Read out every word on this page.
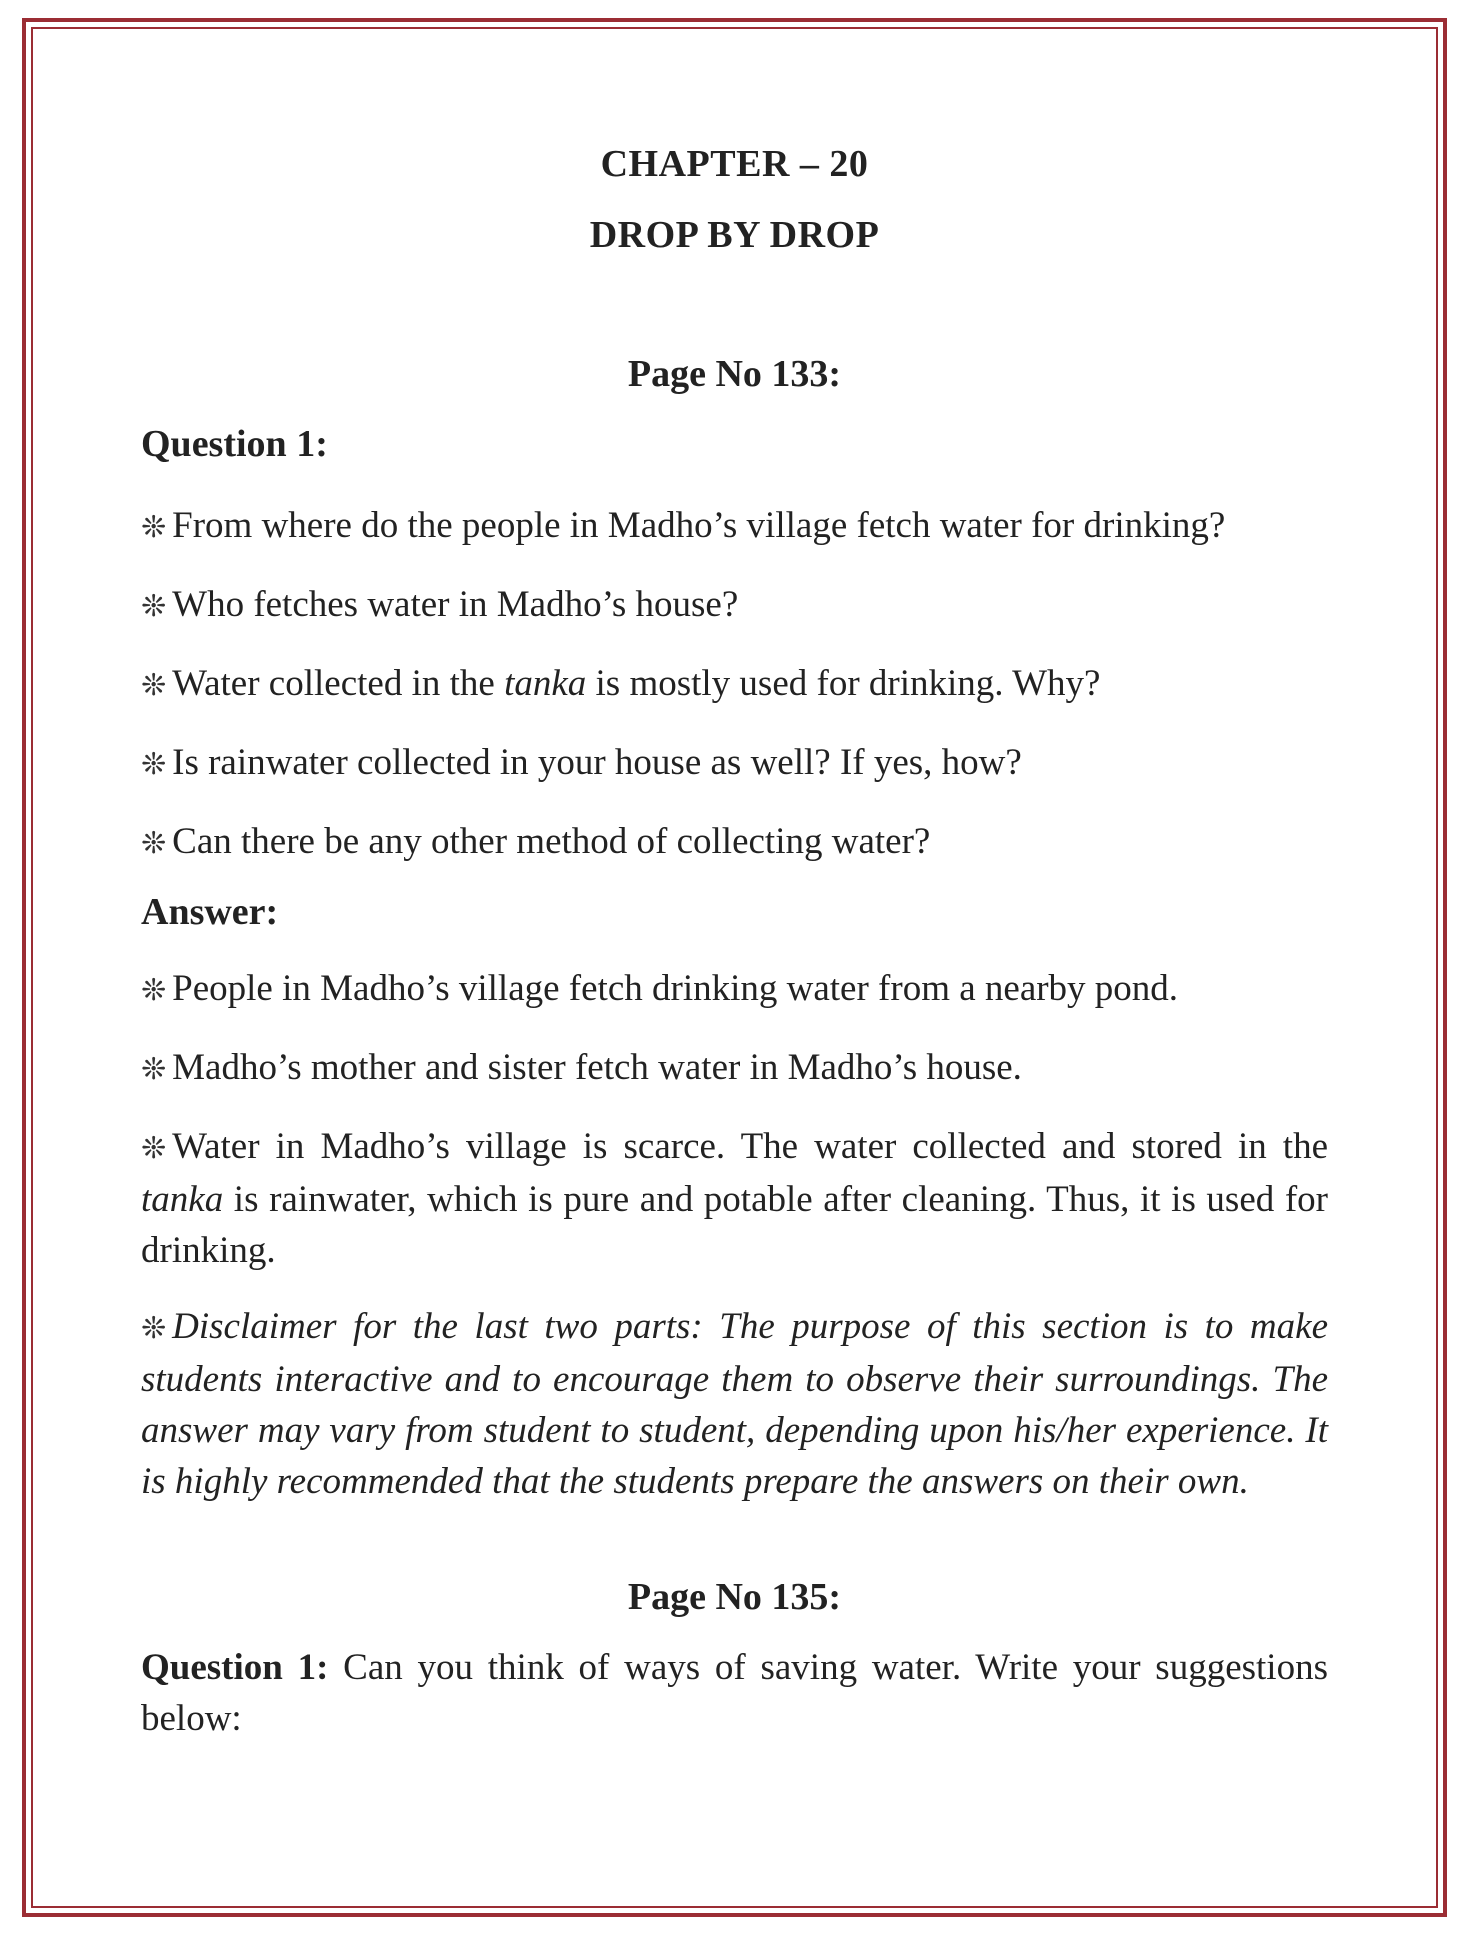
CHAPTER – 20
DROP BY DROP
Page No 133:
Question 1:

❊ From where do the people in Madho’s village fetch water for drinking?

❊ Who fetches water in Madho’s house?

❊ Water collected in the tanka is mostly used for drinking. Why?

❊ Is rainwater collected in your house as well? If yes, how?

❊ Can there be any other method of collecting water?

Answer:

❊ People in Madho’s village fetch drinking water from a nearby pond.

❊ Madho’s mother and sister fetch water in Madho’s house.

❊ Water in Madho’s village is scarce. The water collected and stored in the tanka is rainwater, which is pure and potable after cleaning. Thus, it is used for drinking.

❊ Disclaimer for the last two parts: The purpose of this section is to make students interactive and to encourage them to observe their surroundings. The answer may vary from student to student, depending upon his/her experience. It is highly recommended that the students prepare the answers on their own.

Page No 135:

Question 1: Can you think of ways of saving water. Write your suggestions below:
